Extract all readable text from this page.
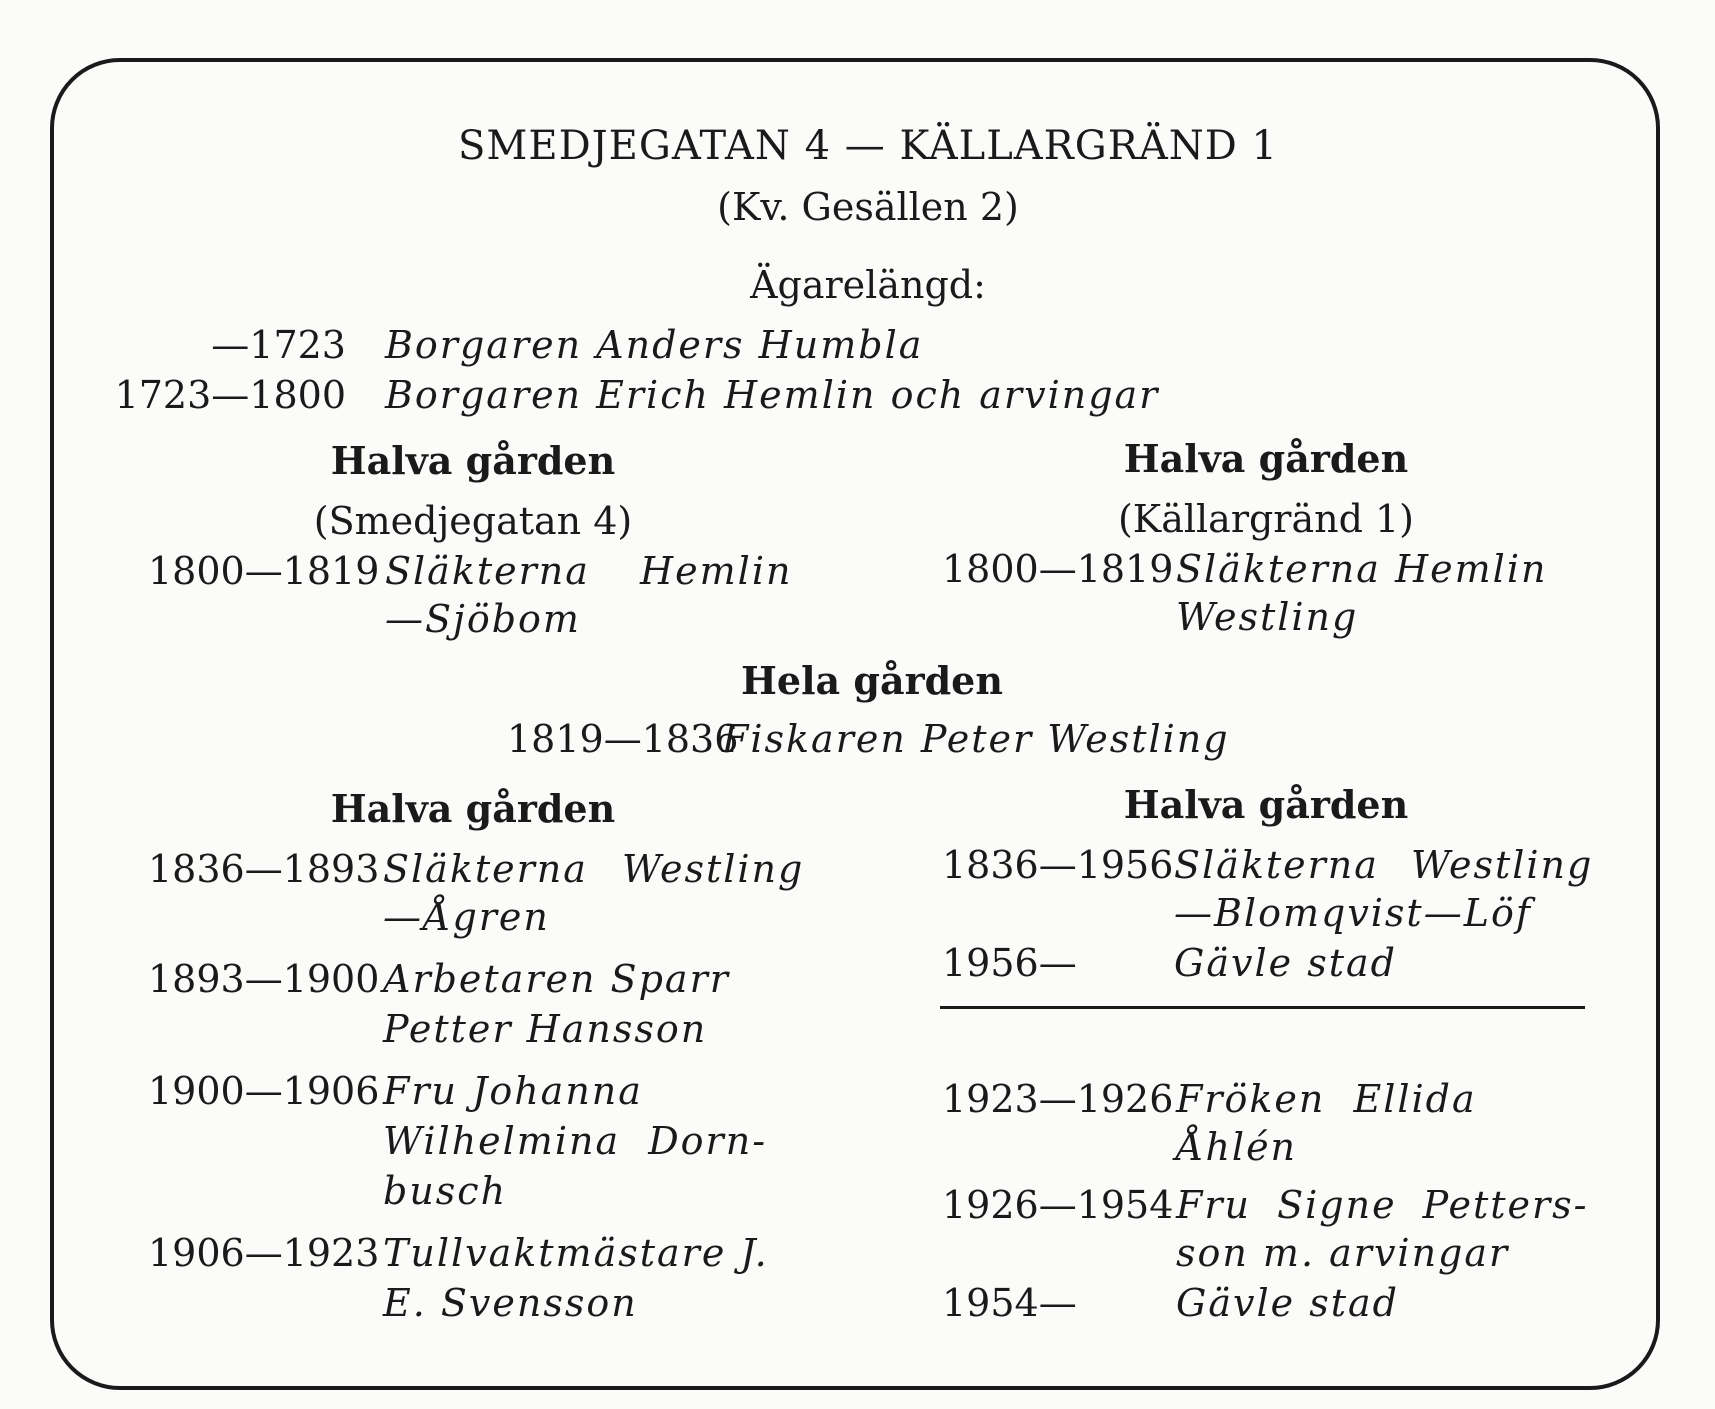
SMEDJEGATAN 4 — KÄLLARGRÄND 1
(Kv. Gesällen 2)
Ägarelängd:
—1723 Borgaren Anders Humbla
1723—1800 Borgaren Erich Hemlin och arvingar
Halva gården
(Smedjegatan 4)
1800—1819 Släkterna Hemlin
—Sjöbom
Halva gården
(Källargränd 1)
1800—1819 Släkterna Hemlin
Westling
Hela gården
1819—1836
Fiskaren Peter Westling
Halva gården
1836—1893 Släkterna Westling
—Ågren
1893—1900 Arbetaren Sparr
Petter Hansson
1900—1906 Fru Johanna
Wilhelmina Dorn-
busch
1906—1923 Tullvaktmästare J.
E. Svensson
Halva gården
1836—1956 Släkterna Westling
—Blomqvist—Löf
1956—	Gävle stad
1923—1926 Fröken Ellida
Åhlén
1926—1954 Fru Signe Petters-
son m. arvingar
1954—	Gävle stad
